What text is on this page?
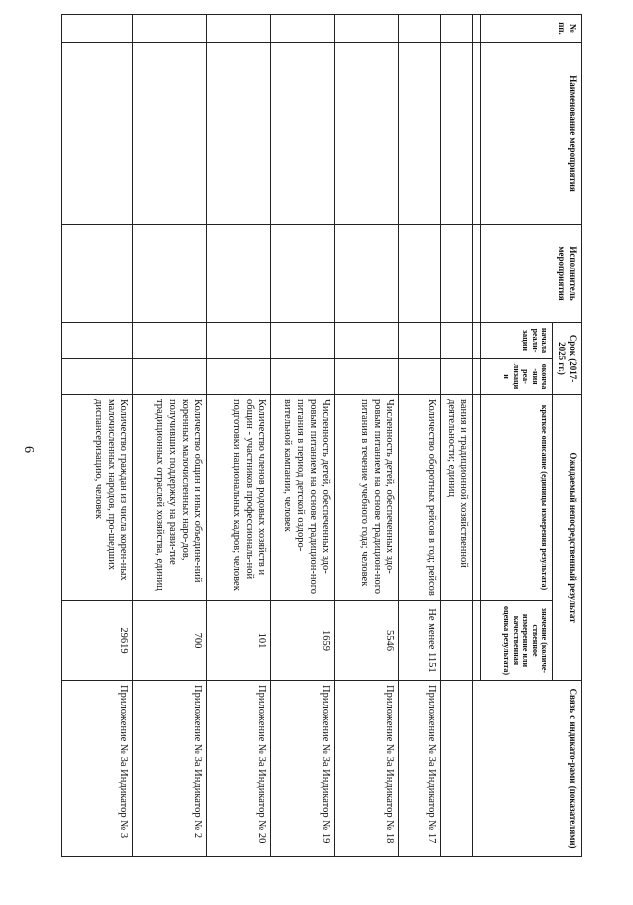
6
№ пп.	Наименование мероприятия	Исполнитель мероприятия	Срок (2017-2025 гг.)		Ожидаемый непосредственный результат		Связь с индикато-рами (показателями)
			начала реали-зации	оконча-ния реа-лизации	краткое описание (единицы измерения результата)	значение (количе-ственное измерение или качественная оценка результата)	

					вания и традиционной хозяйственной деятельности; единиц		
					Количество оборотных рейсов в год; рейсов	Не менее 1151	Приложение № 3а Индикатор № 17
					Численность детей, обеспеченных здо-ровым питанием на основе традицион-ного питания в течение учебного года; человек	5546	Приложение № 3а Индикатор № 18
					Численность детей, обеспеченных здо-ровым питанием на основе традицион-ного питания в период детской оздоро-вительной кампании, человек	1659	Приложение № 3а Индикатор № 19
					Количество членов родовых хозяйств и общин - участников профессиональ-ной подготовки национальных кадров; человек	101	Приложение № 3а Индикатор № 20
					Количество общин и иных объедине-ний коренных малочисленных наро-дов, получивших поддержку на разви-тие традиционных отраслей хозяйства, единиц	700	Приложение № 3а Индикатор № 2
					Количество граждан из числа корен-ных малочисленных народов, про-шедших диспансеризацию, человек	29619	Приложение № 3а Индикатор № 3
